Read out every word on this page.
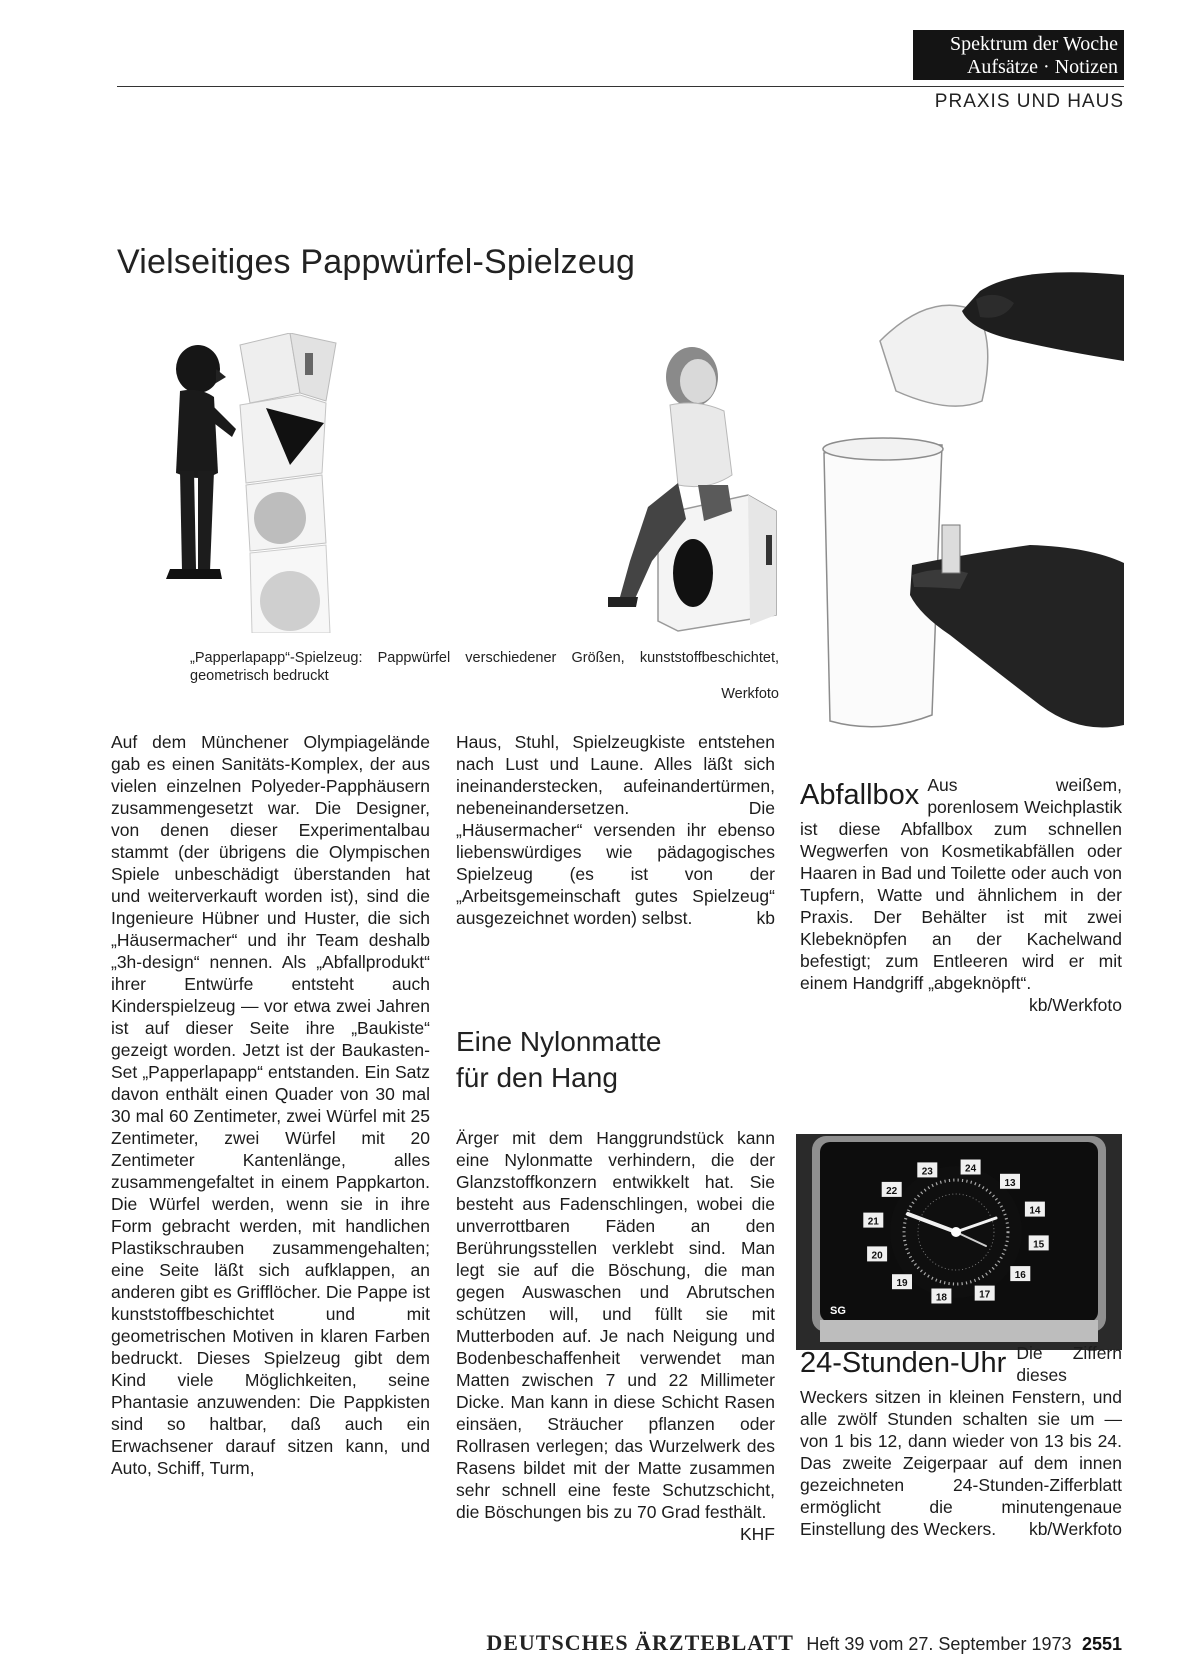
Spektrum der Woche
Aufsätze · Notizen
PRAXIS UND HAUS
Vielseitiges Pappwürfel-Spielzeug
„Papperlapapp“-Spielzeug: Pappwürfel verschiedener Größen, kunststoffbeschichtet, geometrisch bedruckt
Werkfoto

Auf dem Münchener Olympiagelände gab es einen Sanitäts-Komplex, der aus vielen einzelnen Polyeder-Papphäusern zusammengesetzt war. Die Designer, von denen dieser Experimentalbau stammt (der übrigens die Olympischen Spiele unbeschädigt überstanden hat und weiterverkauft worden ist), sind die Ingenieure Hübner und Huster, die sich „Häusermacher“ und ihr Team deshalb „3h-design“ nennen. Als „Abfallprodukt“ ihrer Entwürfe entsteht auch Kinderspielzeug — vor etwa zwei Jahren ist auf dieser Seite ihre „Baukiste“ gezeigt worden. Jetzt ist der Baukasten-Set „Papperlapapp“ entstanden. Ein Satz davon enthält einen Quader von 30 mal 30 mal 60 Zentimeter, zwei Würfel mit 25 Zentimeter, zwei Würfel mit 20 Zentimeter Kantenlänge, alles zusammengefaltet in einem Pappkarton. Die Würfel werden, wenn sie in ihre Form gebracht werden, mit handlichen Plastikschrauben zusammengehalten; eine Seite läßt sich aufklappen, an anderen gibt es Grifflöcher. Die Pappe ist kunststoffbeschichtet und mit geometrischen Motiven in klaren Farben bedruckt. Dieses Spielzeug gibt dem Kind viele Möglichkeiten, seine Phantasie anzuwenden: Die Pappkisten sind so haltbar, daß auch ein Erwachsener darauf sitzen kann, und Auto, Schiff, Turm,

Haus, Stuhl, Spielzeugkiste entstehen nach Lust und Laune. Alles läßt sich ineinanderstecken, aufeinandertürmen, nebeneinandersetzen. Die „Häusermacher“ versenden ihr ebenso liebenswürdiges wie pädagogisches Spielzeug (es ist von der „Arbeitsgemeinschaft gutes Spielzeug“ ausgezeichnet worden) selbst.	kb

Eine Nylonmatte
für den Hang

Ärger mit dem Hanggrundstück kann eine Nylonmatte verhindern, die der Glanzstoffkonzern entwikkelt hat. Sie besteht aus Fadenschlingen, wobei die unverrottbaren Fäden an den Berührungsstellen verklebt sind. Man legt sie auf die Böschung, die man gegen Auswaschen und Abrutschen schützen will, und füllt sie mit Mutterboden auf. Je nach Neigung und Bodenbeschaffenheit verwendet man Matten zwischen 7 und 22 Millimeter Dicke. Man kann in diese Schicht Rasen einsäen, Sträucher pflanzen oder Rollrasen verlegen; das Wurzelwerk des Rasens bildet mit der Matte zusammen sehr schnell eine feste Schutzschicht, die Böschungen bis zu 70 Grad festhält.
KHF

Abfallbox Aus weißem, porenlosem Weichplastik ist diese Abfallbox zum schnellen Wegwerfen von Kosmetikabfällen oder Haaren in Bad und Toilette oder auch von Tupfern, Watte und ähnlichem in der Praxis. Der Behälter ist mit zwei Klebeknöpfen an der Kachelwand befestigt; zum Entleeren wird er mit einem Handgriff „abgeknöpft“.
kb/Werkfoto

23	24
13
14
15
16
17
18
19
20
21
22
SG

24-Stunden-Uhr Die Ziffern dieses Weckers sitzen in kleinen Fenstern, und alle zwölf Stunden schalten sie um — von 1 bis 12, dann wieder von 13 bis 24. Das zweite Zeigerpaar auf dem innen gezeichneten 24-Stunden-Zifferblatt ermöglicht die minutengenaue Einstellung des Weckers. kb/Werkfoto

DEUTSCHES ÄRZTEBLATT Heft 39 vom 27. September 1973 2551
